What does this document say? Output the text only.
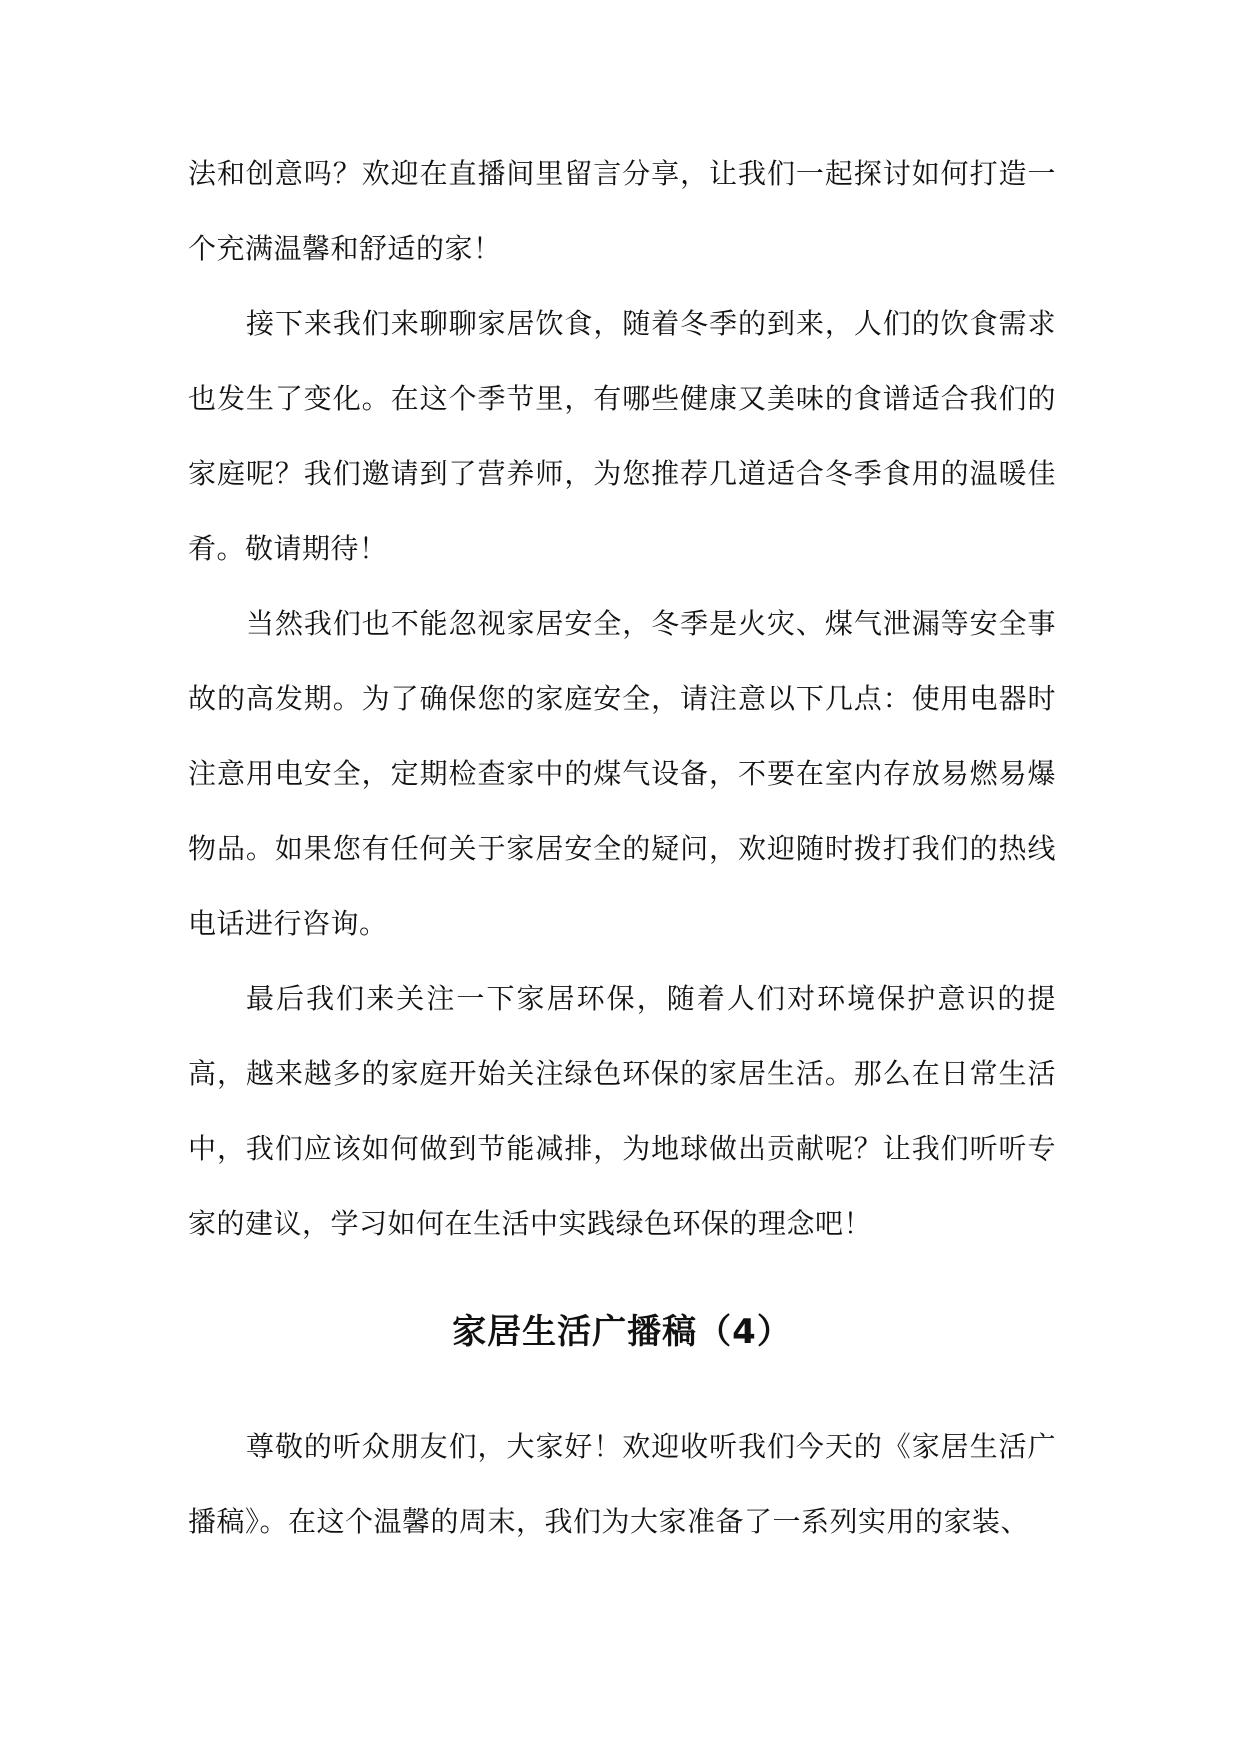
法和创意吗？欢迎在直播间里留言分享，让我们一起探讨如何打造一个充满温馨和舒适的家！

接下来我们来聊聊家居饮食，随着冬季的到来，人们的饮食需求也发生了变化。在这个季节里，有哪些健康又美味的食谱适合我们的家庭呢？我们邀请到了营养师，为您推荐几道适合冬季食用的温暖佳肴。敬请期待！

当然我们也不能忽视家居安全，冬季是火灾、煤气泄漏等安全事故的高发期。为了确保您的家庭安全，请注意以下几点：使用电器时注意用电安全，定期检查家中的煤气设备，不要在室内存放易燃易爆物品。如果您有任何关于家居安全的疑问，欢迎随时拨打我们的热线电话进行咨询。

最后我们来关注一下家居环保，随着人们对环境保护意识的提高，越来越多的家庭开始关注绿色环保的家居生活。那么在日常生活中，我们应该如何做到节能减排，为地球做出贡献呢？让我们听听专家的建议，学习如何在生活中实践绿色环保的理念吧！

家居生活广播稿（4）

尊敬的听众朋友们，大家好！欢迎收听我们今天的《家居生活广播稿》。在这个温馨的周末，我们为大家准备了一系列实用的家装、
